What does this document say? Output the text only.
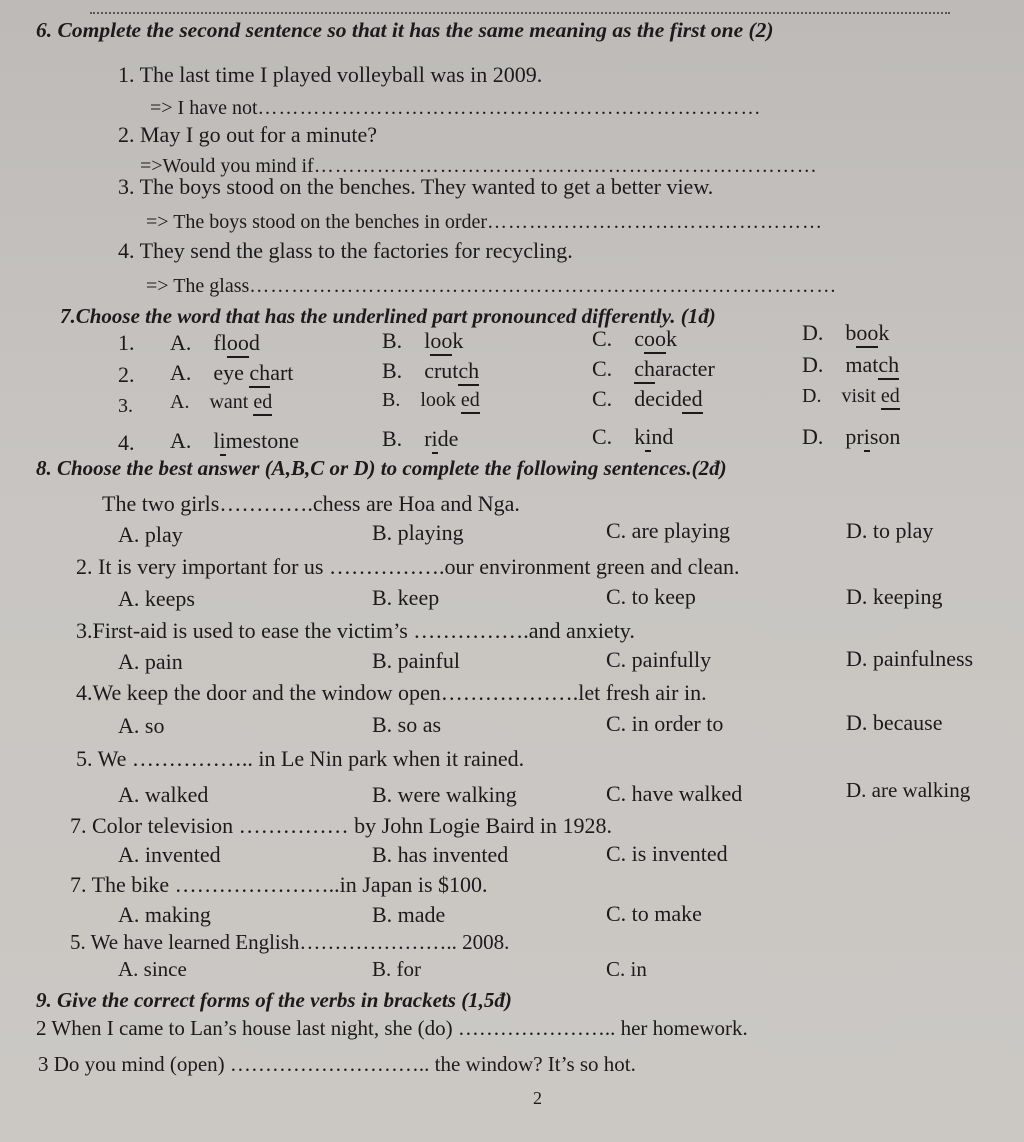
6. Complete the second sentence so that it has the same meaning as the first one (2)
1. The last time I played volleyball was in 2009.
=> I have not………………………………………………………………
2. May I go out for a minute?
=>Would you mind if………………………………………………………………
3. The boys stood on the benches. They wanted to get a better view.
=> The boys stood on the benches in order…………………………………………
4. They send the glass to the factories for recycling.
=> The glass…………………………………………………………………………
7.Choose the word that has the underlined part pronounced differently. (1đ)
1. A. flood	B. look	C. cook	D. book
2. A. eye chart	B. crutch	C. character	D. match
3. A. want ed	B. look ed	C. decided	D. visit ed
4. A. limestone	B. ride	C. kind	D. prison
8. Choose the best answer (A,B,C or D) to complete the following sentences.(2đ)
The two girls………….chess are Hoa and Nga.
A. play	B. playing	C. are playing	D. to play
2. It is very important for us …………….our environment green and clean.
A. keeps	B. keep	C. to keep	D. keeping
3.First-aid is used to ease the victim’s …………….and anxiety.
A. pain	B. painful	C. painfully	D. painfulness
4.We keep the door and the window open……………….let fresh air in.
A. so	B. so as	C. in order to	D. because
5. We …………….. in Le Nin park when it rained.
A. walked	B. were walking	C. have walked	D. are walking
7. Color television …………… by John Logie Baird in 1928.
A. invented	B. has invented	C. is invented
7. The bike …………………..in Japan is $100.
A. making	B. made	C. to make
5. We have learned English………………….. 2008.
A. since	B. for	C. in
9. Give the correct forms of the verbs in brackets (1,5đ)
2 When I came to Lan’s house last night, she (do) ………………….. her homework.
3 Do you mind (open) ……………………….. the window? It’s so hot.
2
